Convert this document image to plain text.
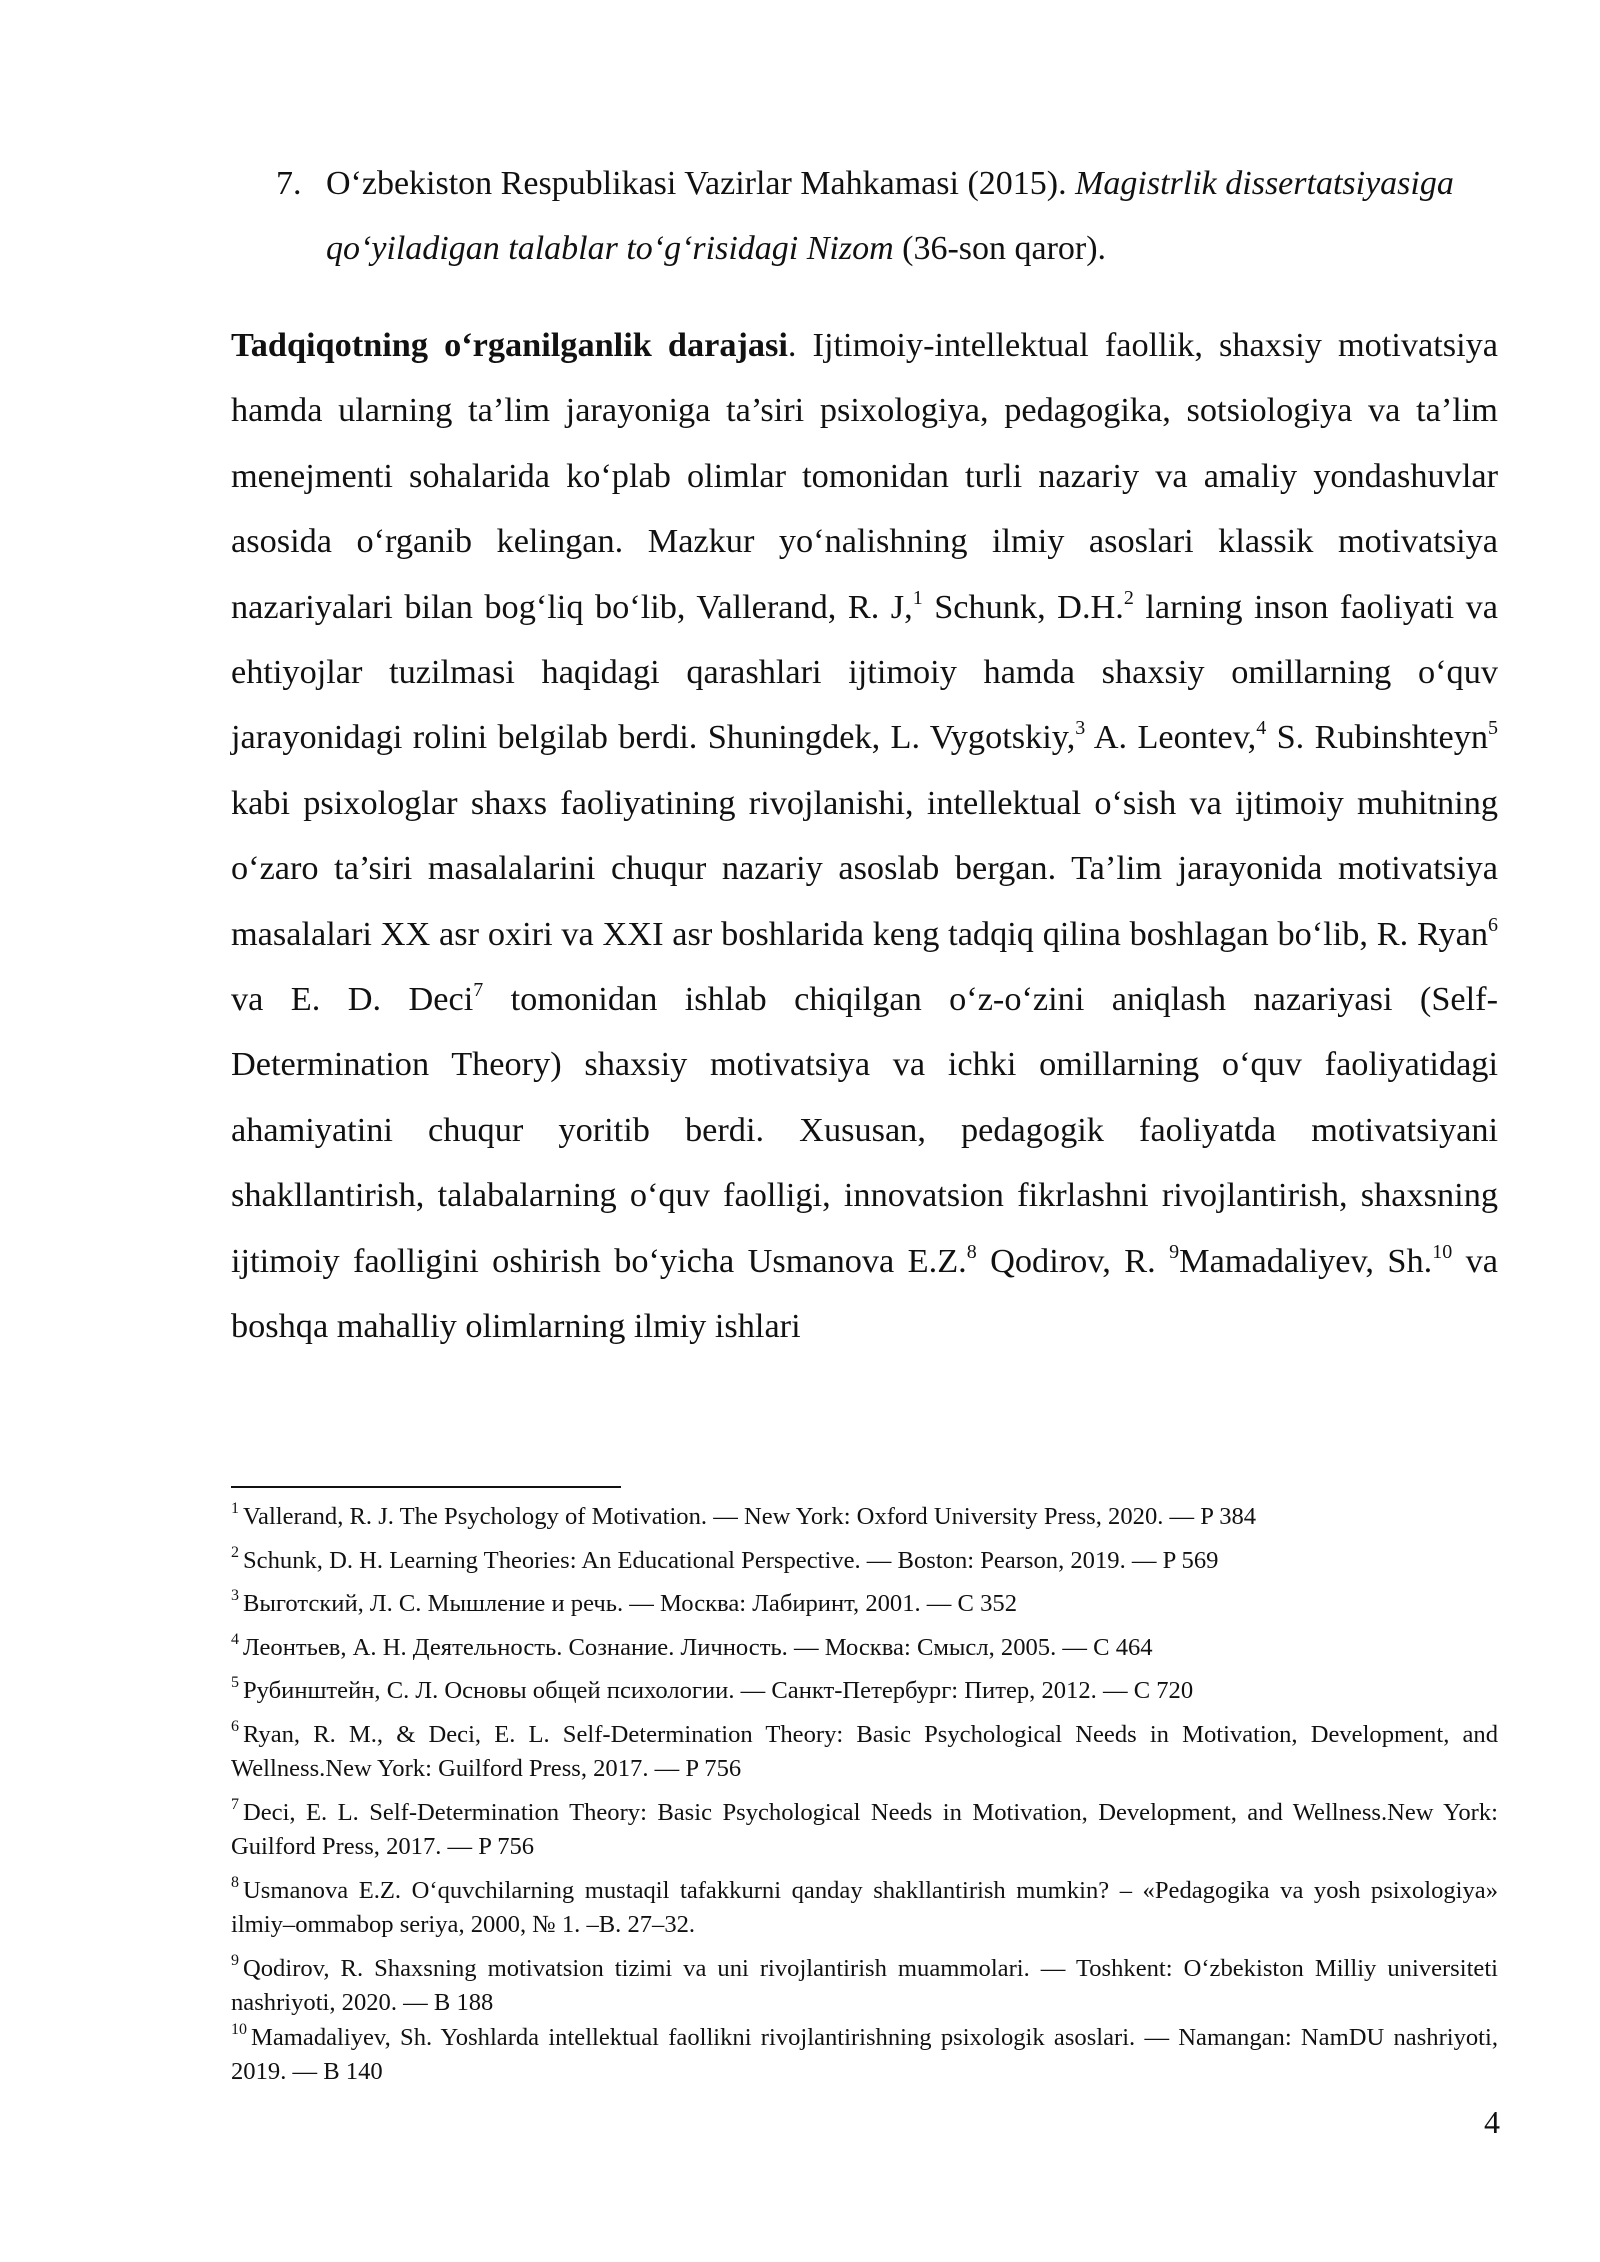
7. O‘zbekiston Respublikasi Vazirlar Mahkamasi (2015). Magistrlik dissertatsiyasiga qo‘yiladigan talablar to‘g‘risidagi Nizom (36-son qaror).

Tadqiqotning o‘rganilganlik darajasi. Ijtimoiy-intellektual faollik, shaxsiy motivatsiya hamda ularning ta’lim jarayoniga ta’siri psixologiya, pedagogika, sotsiologiya va ta’lim menejmenti sohalarida ko‘plab olimlar tomonidan turli nazariy va amaliy yondashuvlar asosida o‘rganib kelingan. Mazkur yo‘nalishning ilmiy asoslari klassik motivatsiya nazariyalari bilan bog‘liq bo‘lib, Vallerand, R. J,$^1$ Schunk, D.H.$^2$ larning inson faoliyati va ehtiyojlar tuzilmasi haqidagi qarashlari ijtimoiy hamda shaxsiy omillarning o‘quv jarayonidagi rolini belgilab berdi. Shuningdek, L. Vygotskiy,$^3$ A. Leontev,$^4$ S. Rubinshteyn$^5$ kabi psixologlar shaxs faoliyatining rivojlanishi, intellektual o‘sish va ijtimoiy muhitning o‘zaro ta’siri masalalarini chuqur nazariy asoslab bergan. Ta’lim jarayonida motivatsiya masalalari XX asr oxiri va XXI asr boshlarida keng tadqiq qilina boshlagan bo‘lib, R. Ryan$^6$ va E. D. Deci$^7$ tomonidan ishlab chiqilgan o‘z-o‘zini aniqlash nazariyasi (Self-Determination Theory) shaxsiy motivatsiya va ichki omillarning o‘quv faoliyatidagi ahamiyatini chuqur yoritib berdi. Xususan, pedagogik faoliyatda motivatsiyani shakllantirish, talabalarning o‘quv faolligi, innovatsion fikrlashni rivojlantirish, shaxsning ijtimoiy faolligini oshirish bo‘yicha Usmanova E.Z.$^8$ Qodirov, R. $^9$Mamadaliyev, Sh.$^{10}$ va boshqa mahalliy olimlarning ilmiy ishlari

$^1$ Vallerand, R. J. The Psychology of Motivation. — New York: Oxford University Press, 2020. — P 384

$^2$ Schunk, D. H. Learning Theories: An Educational Perspective. — Boston: Pearson, 2019. — P 569

$^3$ Выготский, Л. С. Мышление и речь. — Москва: Лабиринт, 2001. — С 352

$^4$ Леонтьев, А. Н. Деятельность. Сознание. Личность. — Москва: Смысл, 2005. — С 464

$^5$ Рубинштейн, С. Л. Основы общей психологии. — Санкт-Петербург: Питер, 2012. — С 720

$^6$ Ryan, R. M., & Deci, E. L. Self-Determination Theory: Basic Psychological Needs in Motivation, Development, and Wellness.New York: Guilford Press, 2017. — P 756

$^7$ Deci, E. L. Self-Determination Theory: Basic Psychological Needs in Motivation, Development, and Wellness.New York: Guilford Press, 2017. — P 756

$^8$ Usmanova E.Z. O‘quvchilarning mustaqil tafakkurni qanday shakllantirish mumkin? – «Pedagogika va yosh psixologiya» ilmiy–ommabop seriya, 2000, № 1. –B. 27–32.

$^9$ Qodirov, R. Shaxsning motivatsion tizimi va uni rivojlantirish muammolari. — Toshkent: O‘zbekiston Milliy universiteti nashriyoti, 2020. — B 188

$^{10}$ Mamadaliyev, Sh. Yoshlarda intellektual faollikni rivojlantirishning psixologik asoslari. — Namangan: NamDU nashriyoti, 2019. — B 140

4
